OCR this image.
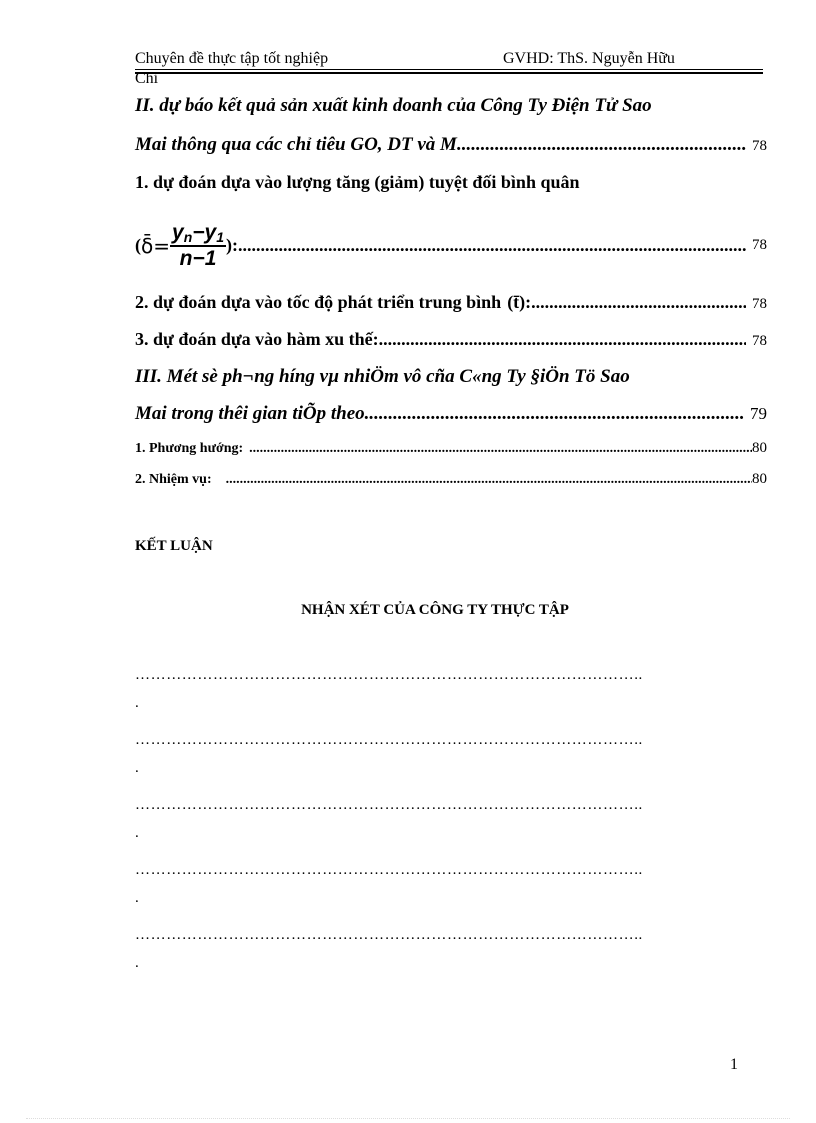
Chuyên đề thực tập tốt nghiệp	GVHD: ThS. Nguyễn Hữu
Chi
II. dự báo kết quả sản xuất kinh doanh của Công Ty Điện Tử Sao
Mai thông qua các chỉ tiêu GO, DT và M. .....	78
1. dự đoán dựa vào lượng tăng (giảm) tuyệt đối bình quân
( δ̄= $\frac{y_n-y_1}{n-1}$ ): .....	78
2. dự đoán dựa vào tốc độ phát triển trung bình (t̄): .....	78
3. dự đoán dựa vào hàm xu thế: .....	78
III. Mét sè ph¬ng híng vµ nhiÖm vô cña C«ng Ty §iÖn Tö Sao
Mai trong thêi gian tiÕp theo. .....	79
1. Phương hướng: .....	80
2. Nhiệm vụ: .....	80
KẾT LUẬN
NHẬN XÉT CỦA CÔNG TY THỰC TẬP
……………………………………………………………………………………..
.
……………………………………………………………………………………..
.
……………………………………………………………………………………..
.
……………………………………………………………………………………..
.
……………………………………………………………………………………..
.
1
